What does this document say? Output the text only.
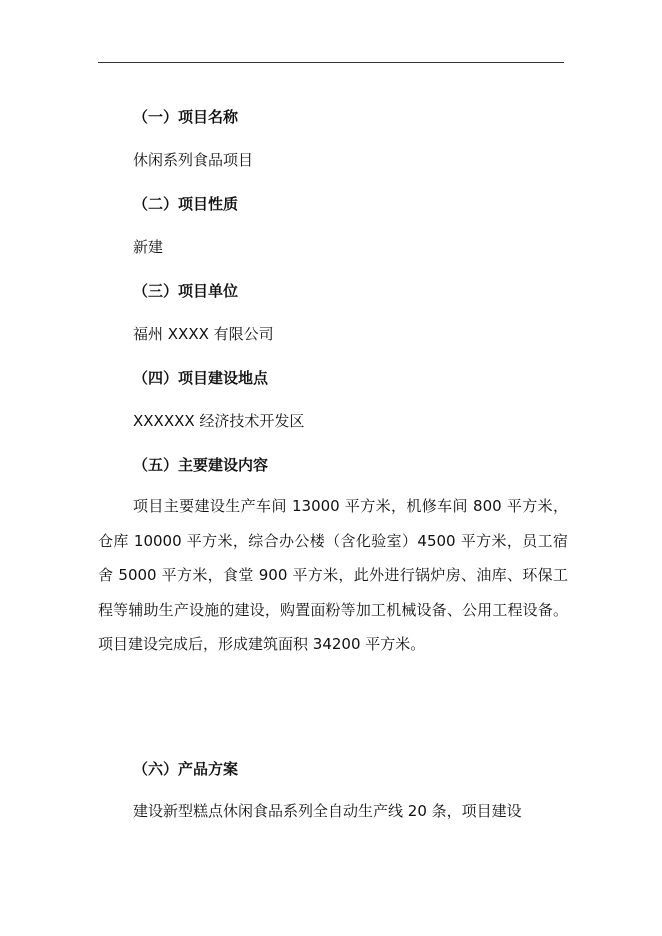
（一）项目名称
休闲系列食品项目
（二）项目性质
新建
（三）项目单位
福州 XXXX 有限公司
（四）项目建设地点
XXXXXX 经济技术开发区
（五）主要建设内容

项目主要建设生产车间 13000 平方米，机修车间 800 平方米，仓库 10000 平方米，综合办公楼（含化验室）4500 平方米，员工宿舍 5000 平方米，食堂 900 平方米，此外进行锅炉房、油库、环保工程等辅助生产设施的建设，购置面粉等加工机械设备、公用工程设备。项目建设完成后，形成建筑面积 34200 平方米。

（六）产品方案

建设新型糕点休闲食品系列全自动生产线 20 条，项目建设
